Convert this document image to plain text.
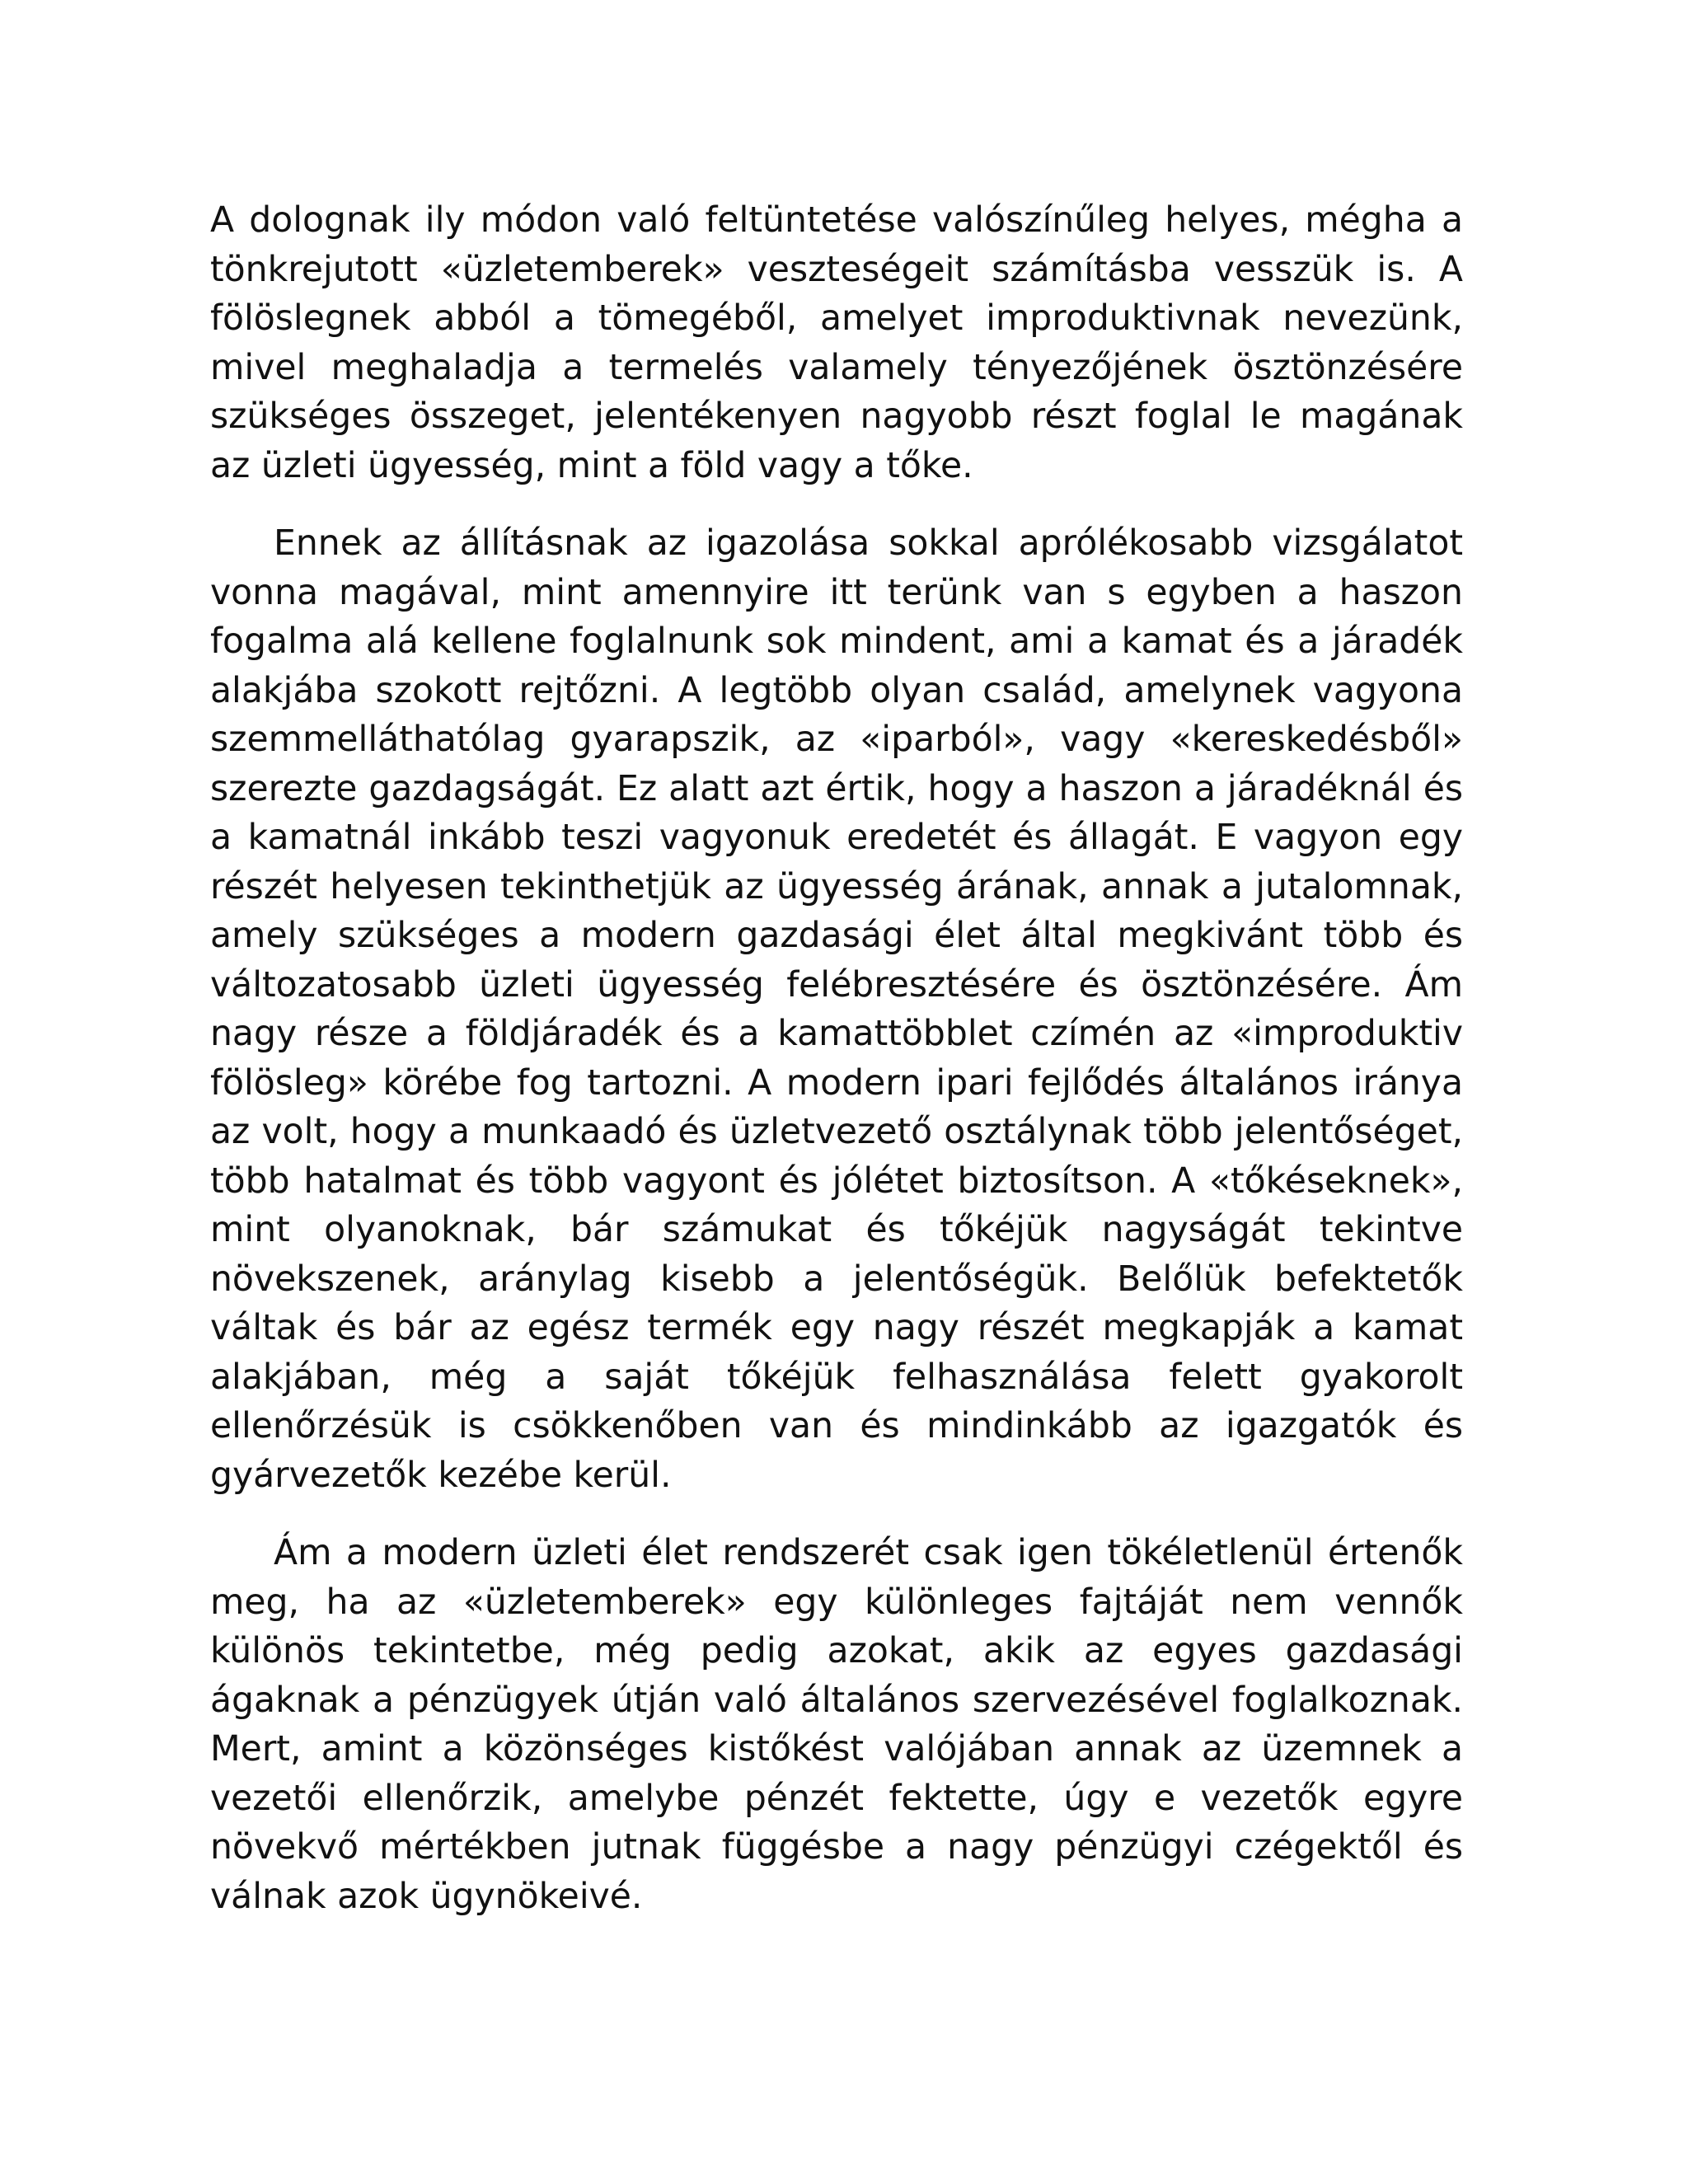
A dolognak ily módon való feltüntetése valószínűleg helyes, mégha a tönkrejutott «üzletemberek» veszteségeit számításba vesszük is. A fölöslegnek abból a tömegéből, amelyet improduktivnak nevezünk, mivel meghaladja a termelés valamely tényezőjének ösztönzésére szükséges összeget, jelentékenyen nagyobb részt foglal le magának az üzleti ügyesség, mint a föld vagy a tőke.

Ennek az állításnak az igazolása sokkal aprólékosabb vizsgálatot vonna magával, mint amennyire itt terünk van s egyben a haszon fogalma alá kellene foglalnunk sok mindent, ami a kamat és a járadék alakjába szokott rejtőzni. A legtöbb olyan család, amelynek vagyona szemmelláthatólag gyarapszik, az «iparból», vagy «kereskedésből» szerezte gazdagságát. Ez alatt azt értik, hogy a haszon a járadéknál és a kamatnál inkább teszi vagyonuk eredetét és állagát. E vagyon egy részét helyesen tekinthetjük az ügyesség árának, annak a jutalomnak, amely szükséges a modern gazdasági élet által megkivánt több és változatosabb üzleti ügyesség felébresztésére és ösztönzésére. Ám nagy része a földjáradék és a kamattöbblet czímén az «improduktiv fölösleg» körébe fog tartozni. A modern ipari fejlődés általános iránya az volt, hogy a munkaadó és üzletvezető osztálynak több jelentőséget, több hatalmat és több vagyont és jólétet biztosítson. A «tőkéseknek», mint olyanoknak, bár számukat és tőkéjük nagyságát tekintve növekszenek, aránylag kisebb a jelentőségük. Belőlük befektetők váltak és bár az egész termék egy nagy részét megkapják a kamat alakjában, még a saját tőkéjük felhasználása felett gyakorolt ellenőrzésük is csökkenőben van és mindinkább az igazgatók és gyárvezetők kezébe kerül.

Ám a modern üzleti élet rendszerét csak igen tökéletlenül értenők meg, ha az «üzletemberek» egy különleges fajtáját nem vennők különös tekintetbe, még pedig azokat, akik az egyes gazdasági ágaknak a pénzügyek útján való általános szervezésével foglalkoznak. Mert, amint a közönséges kistőkést valójában annak az üzemnek a vezetői ellenőrzik, amelybe pénzét fektette, úgy e vezetők egyre növekvő mértékben jutnak függésbe a nagy pénzügyi czégektől és válnak azok ügynökeivé.
